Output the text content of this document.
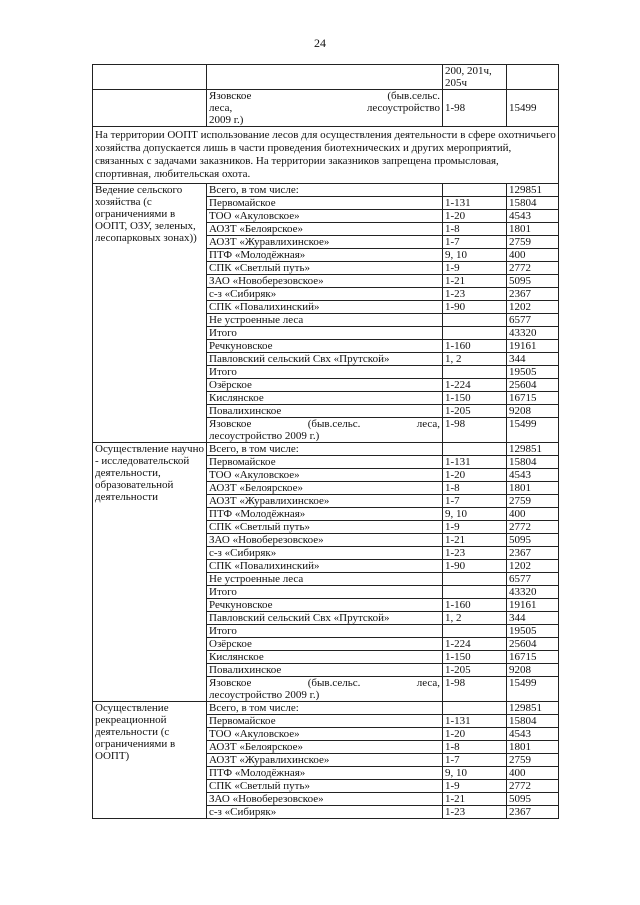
24
		200, 201ч, 205ч	

	Язовское (быв.сельс.
леса, лесоустройство
2009 г.)	1-98	15499
На территории ООПТ использование лесов для осуществления деятельности в сфере охотничьего хозяйства допускается лишь в части проведения биотехнических и других мероприятий, связанных с задачами заказников. На территории заказников запрещена промысловая, спортивная, любительская охота.			
Ведение сельского хозяйства (с ограничениями в ООПТ, ОЗУ, зеленых, лесопарковых зонах))	Всего, в том числе:		129851
	Первомайское	1-131	15804
	ТОО «Акуловское»	1-20	4543
	АОЗТ «Белоярское»	1-8	1801
	АОЗТ «Журавлихинское»	1-7	2759
	ПТФ «Молодёжная»	9, 10	400
	СПК «Светлый путь»	1-9	2772
	ЗАО «Новоберезовское»	1-21	5095
	с-з «Сибиряк»	1-23	2367
	СПК «Повалихинский»	1-90	1202
	Не устроенные леса		6577
	Итого		43320
	Речкуновское	1-160	19161
	Павловский сельский Свх «Прутской»	1, 2	344
	Итого		19505
	Озёрское	1-224	25604
	Кислянское	1-150	16715
	Повалихинское	1-205	9208

	Язовское (быв.сельс. леса,
лесоустройство 2009 г.)	1-98	15499
Осуществление научно - исследовательской деятельности, образовательной деятельности	Всего, в том числе:		129851
	Первомайское	1-131	15804
	ТОО «Акуловское»	1-20	4543
	АОЗТ «Белоярское»	1-8	1801
	АОЗТ «Журавлихинское»	1-7	2759
	ПТФ «Молодёжная»	9, 10	400
	СПК «Светлый путь»	1-9	2772
	ЗАО «Новоберезовское»	1-21	5095
	с-з «Сибиряк»	1-23	2367
	СПК «Повалихинский»	1-90	1202
	Не устроенные леса		6577
	Итого		43320
	Речкуновское	1-160	19161
	Павловский сельский Свх «Прутской»	1, 2	344
	Итого		19505
	Озёрское	1-224	25604
	Кислянское	1-150	16715
	Повалихинское	1-205	9208

	Язовское (быв.сельс. леса,
лесоустройство 2009 г.)	1-98	15499
Осуществление рекреационной деятельности (с ограничениями в ООПТ)	Всего, в том числе:		129851
	Первомайское	1-131	15804
	ТОО «Акуловское»	1-20	4543
	АОЗТ «Белоярское»	1-8	1801
	АОЗТ «Журавлихинское»	1-7	2759
	ПТФ «Молодёжная»	9, 10	400
	СПК «Светлый путь»	1-9	2772
	ЗАО «Новоберезовское»	1-21	5095
	с-з «Сибиряк»	1-23	2367
